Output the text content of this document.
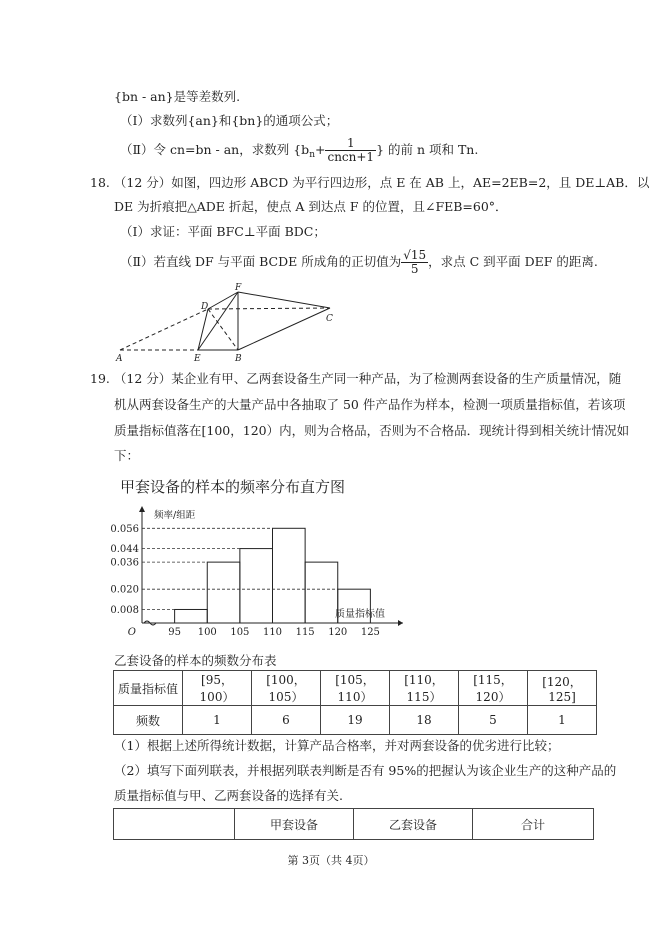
{bn - an}是等差数列.
（Ⅰ）求数列{an}和{bn}的通项公式；
（Ⅱ）令 cn=bn - an，求数列 {$b_n+ \frac{1}{\text{cncn+1}}$ } 的前 n 项和 Tn.
18. （12 分）如图，四边形 ABCD 为平行四边形，点 E 在 AB 上，AE=2EB=2，且 DE⊥AB．以
DE 为折痕把△ADE 折起，使点 A 到达点 F 的位置，且∠FEB=60°．
（Ⅰ）求证：平面 BFC⊥平面 BDC；
（Ⅱ）若直线 DF 与平面 BCDE 所成角的正切值为 $\frac{√15}{5}$ ，求点 C 到平面 DEF 的距离.
F
D
C
A	E	B
19. （12 分）某企业有甲、乙两套设备生产同一种产品，为了检测两套设备的生产质量情况，随
机从两套设备生产的大量产品中各抽取了 50 件产品作为样本，检测一项质量指标值，若该项
质量指标值落在[100，120）内，则为合格品，否则为不合格品．现统计得到相关统计情况如
下：
甲套设备的样本的频率分布直方图
0.056
0.044
0.036
0.020
0.008
95 100 105 110 115 120 125
O
频率/组距
质量指标值
乙套设备的样本的频数分布表
质量指标值	[95，100）	[100，105）	[105，110）	[110，115）	[115，120）	[120，125]
频数	1	6	19	18	5	1
（1）根据上述所得统计数据，计算产品合格率，并对两套设备的优劣进行比较；
（2）填写下面列联表，并根据列联表判断是否有 95%的把握认为该企业生产的这种产品的
质量指标值与甲、乙两套设备的选择有关.
	甲套设备	乙套设备	合计
第 3页（共 4页）
